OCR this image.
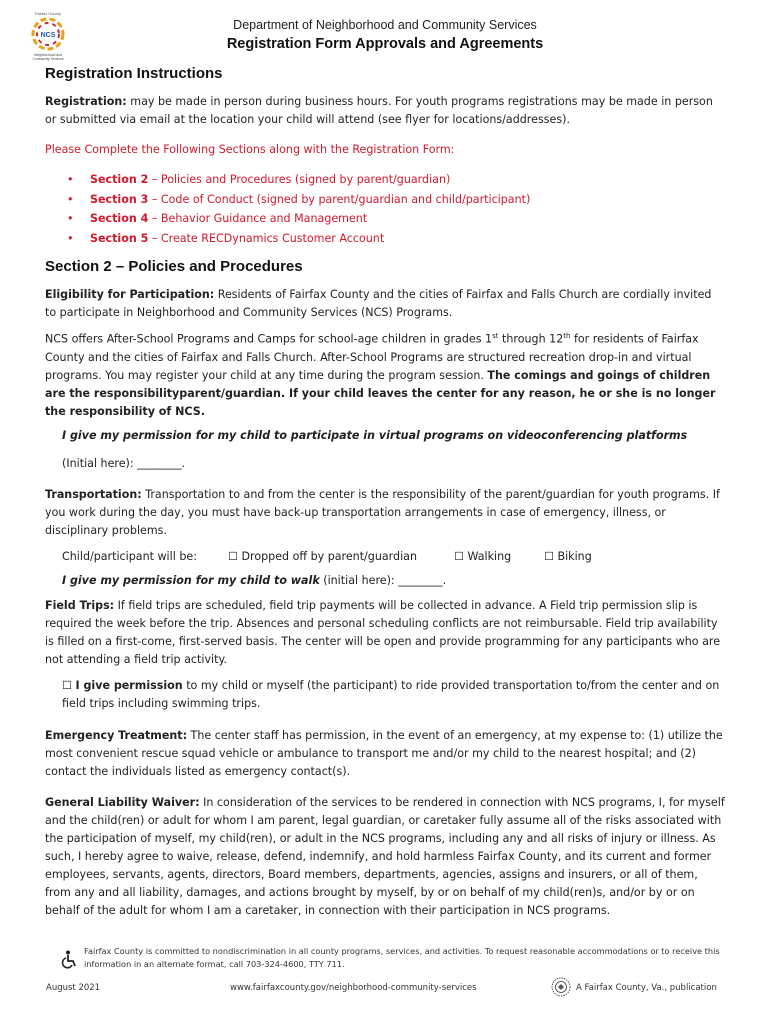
Fairfax County
NCS
Neighborhood and
Community Services
Department of Neighborhood and Community Services
Registration Form Approvals and Agreements
Registration Instructions

Registration: may be made in person during business hours. For youth programs registrations may be made in person or submitted via email at the location your child will attend (see flyer for locations/addresses).

Please Complete the Following Sections along with the Registration Form:

• Section 2 – Policies and Procedures (signed by parent/guardian)
• Section 3 – Code of Conduct (signed by parent/guardian and child/participant)
• Section 4 – Behavior Guidance and Management
• Section 5 – Create RECDynamics Customer Account
Section 2 – Policies and Procedures

Eligibility for Participation: Residents of Fairfax County and the cities of Fairfax and Falls Church are cordially invited to participate in Neighborhood and Community Services (NCS) Programs.

NCS offers After-School Programs and Camps for school-age children in grades 1st through 12th for residents of Fairfax County and the cities of Fairfax and Falls Church. After-School Programs are structured recreation drop-in and virtual programs. You may register your child at any time during the program session. The comings and goings of children are the responsibilityparent/guardian. If your child leaves the center for any reason, he or she is no longer the responsibility of NCS.

I give my permission for my child to participate in virtual programs on videoconferencing platforms

(Initial here): ________.

Transportation: Transportation to and from the center is the responsibility of the parent/guardian for youth programs. If you work during the day, you must have back-up transportation arrangements in case of emergency, illness, or disciplinary problems.

Child/participant will be:	☐ Dropped off by parent/guardian	☐ Walking	☐ Biking

I give my permission for my child to walk (initial here): ________.

Field Trips: If field trips are scheduled, field trip payments will be collected in advance. A Field trip permission slip is required the week before the trip. Absences and personal scheduling conflicts are not reimbursable. Field trip availability is filled on a first-come, first-served basis. The center will be open and provide programming for any participants who are not attending a field trip activity.

☐ I give permission to my child or myself (the participant) to ride provided transportation to/from the center and on field trips including swimming trips.

Emergency Treatment: The center staff has permission, in the event of an emergency, at my expense to: (1) utilize the most convenient rescue squad vehicle or ambulance to transport me and/or my child to the nearest hospital; and (2) contact the individuals listed as emergency contact(s).

General Liability Waiver: In consideration of the services to be rendered in connection with NCS programs, I, for myself and the child(ren) or adult for whom I am parent, legal guardian, or caretaker fully assume all of the risks associated with the participation of myself, my child(ren), or adult in the NCS programs, including any and all risks of injury or illness. As such, I hereby agree to waive, release, defend, indemnify, and hold harmless Fairfax County, and its current and former employees, servants, agents, directors, Board members, departments, agencies, assigns and insurers, or all of them, from any and all liability, damages, and actions brought by myself, by or on behalf of my child(ren)s, and/or by or on behalf of the adult for whom I am a caretaker, in connection with their participation in NCS programs.

Fairfax County is committed to nondiscrimination in all county programs, services, and activities. To request reasonable accommodations or to receive this information in an alternate format, call 703-324-4600, TTY 711.
August 2021	www.fairfaxcounty.gov/neighborhood-community-services	A Fairfax County, Va., publication
